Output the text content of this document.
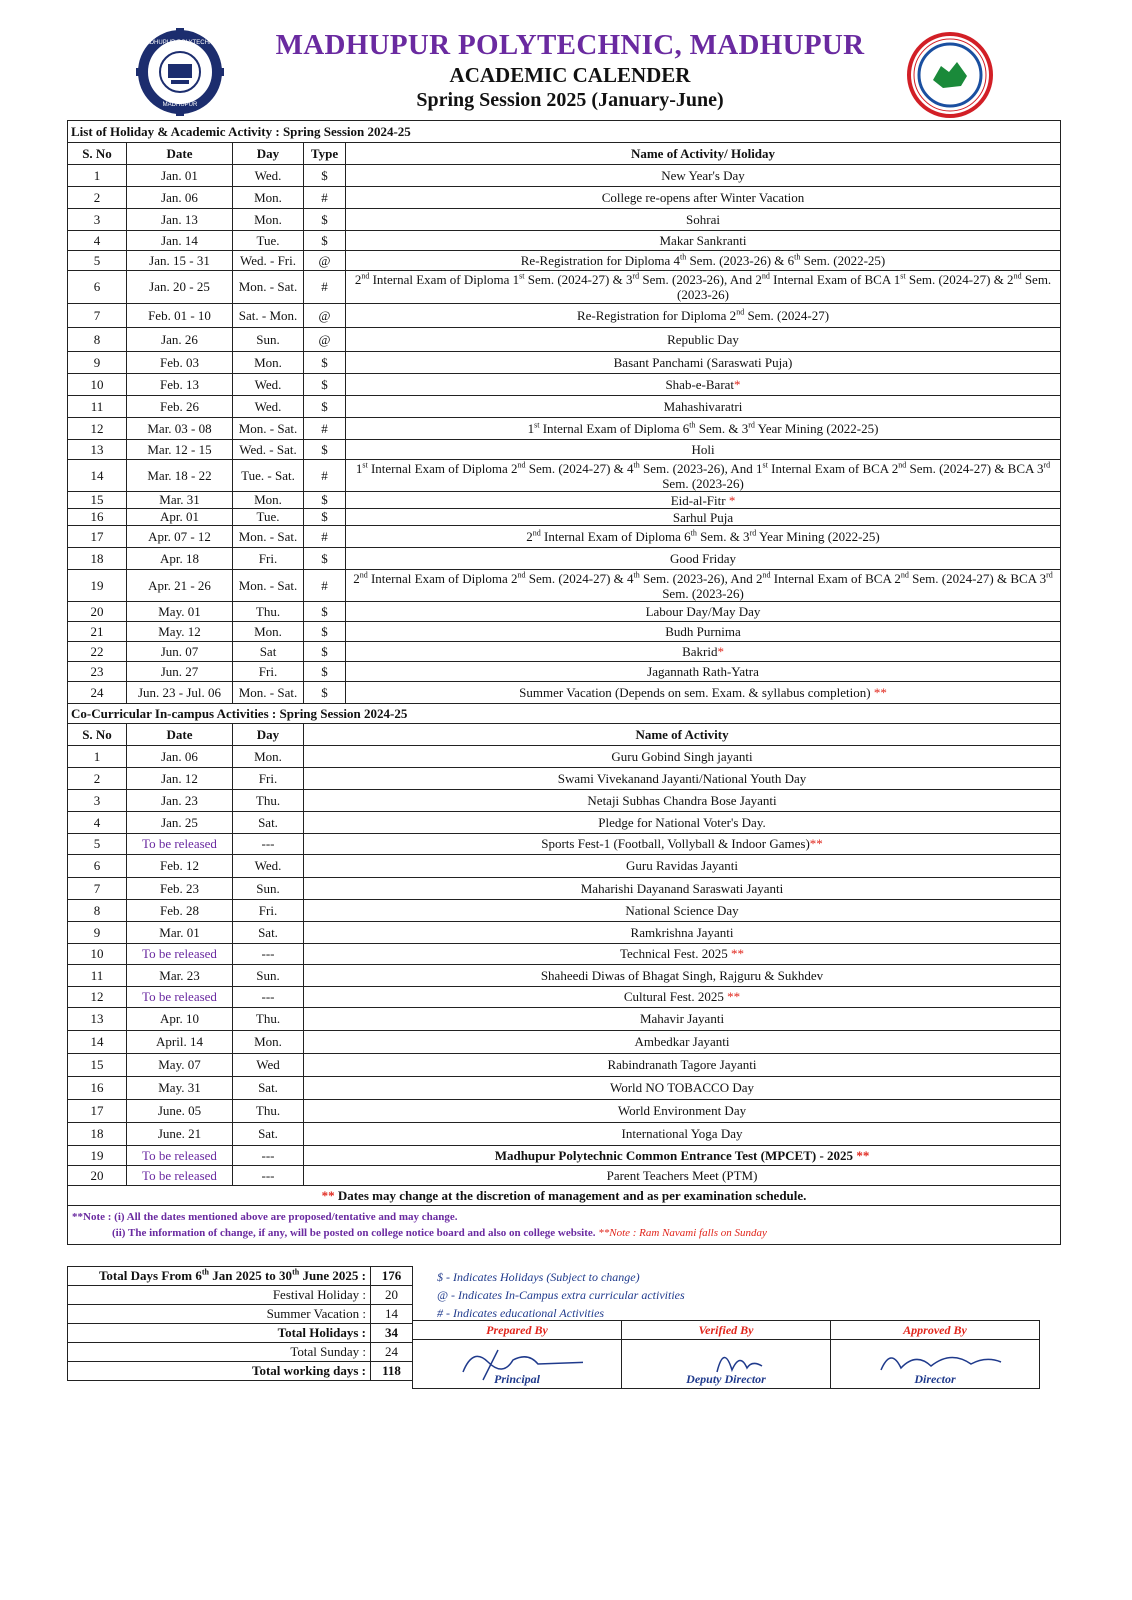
MADHUPUR POLYTECHNIC
MADHUPUR
MADHUPUR POLYTECHNIC, MADHUPUR
ACADEMIC CALENDER
Spring Session 2025 (January-June)
List of Holiday & Academic Activity : Spring Session 2024-25				
S. No	Date	Day	Type	Name of Activity/ Holiday
1	Jan. 01	Wed.	$	New Year's Day
2	Jan. 06	Mon.	#	College re-opens after Winter Vacation
3	Jan. 13	Mon.	$	Sohrai
4	Jan. 14	Tue.	$	Makar Sankranti
5	Jan. 15 - 31	Wed. - Fri.	@	Re-Registration for Diploma 4th Sem. (2023-26) & 6th Sem. (2022-25)
6	Jan. 20 - 25	Mon. - Sat.	#	2nd Internal Exam of Diploma 1st Sem. (2024-27) & 3rd Sem. (2023-26), And 2nd Internal Exam of BCA 1st Sem. (2024-27) & 2nd Sem. (2023-26)
7	Feb. 01 - 10	Sat. - Mon.	@	Re-Registration for Diploma 2nd Sem. (2024-27)
8	Jan. 26	Sun.	@	Republic Day
9	Feb. 03	Mon.	$	Basant Panchami (Saraswati Puja)
10	Feb. 13	Wed.	$	Shab-e-Barat*
11	Feb. 26	Wed.	$	Mahashivaratri
12	Mar. 03 - 08	Mon. - Sat.	#	1st Internal Exam of Diploma 6th Sem. & 3rd Year Mining (2022-25)
13	Mar. 12 - 15	Wed. - Sat.	$	Holi
14	Mar. 18 - 22	Tue. - Sat.	#	1st Internal Exam of Diploma 2nd Sem. (2024-27) & 4th Sem. (2023-26), And 1st Internal Exam of BCA 2nd Sem. (2024-27) & BCA 3rd Sem. (2023-26)
15	Mar. 31	Mon.	$	Eid-al-Fitr *
16	Apr. 01	Tue.	$	Sarhul Puja
17	Apr. 07 - 12	Mon. - Sat.	#	2nd Internal Exam of Diploma 6th Sem. & 3rd Year Mining (2022-25)
18	Apr. 18	Fri.	$	Good Friday
19	Apr. 21 - 26	Mon. - Sat.	#	2nd Internal Exam of Diploma 2nd Sem. (2024-27) & 4th Sem. (2023-26), And 2nd Internal Exam of BCA 2nd Sem. (2024-27) & BCA 3rd Sem. (2023-26)
20	May. 01	Thu.	$	Labour Day/May Day
21	May. 12	Mon.	$	Budh Purnima
22	Jun. 07	Sat	$	Bakrid*
23	Jun. 27	Fri.	$	Jagannath Rath-Yatra
24	Jun. 23 - Jul. 06	Mon. - Sat.	$	Summer Vacation (Depends on sem. Exam. & syllabus completion) **
Co-Curricular In-campus Activities : Spring Session 2024-25				
S. No	Date	Day	Name of Activity	
1	Jan. 06	Mon.	Guru Gobind Singh jayanti	
2	Jan. 12	Fri.	Swami Vivekanand Jayanti/National Youth Day	
3	Jan. 23	Thu.	Netaji Subhas Chandra Bose Jayanti	
4	Jan. 25	Sat.	Pledge for National Voter's Day.	
5	To be released	---	Sports Fest-1 (Football, Vollyball & Indoor Games)**	
6	Feb. 12	Wed.	Guru Ravidas Jayanti	
7	Feb. 23	Sun.	Maharishi Dayanand Saraswati Jayanti	
8	Feb. 28	Fri.	National Science Day	
9	Mar. 01	Sat.	Ramkrishna Jayanti	
10	To be released	---	Technical Fest. 2025 **	
11	Mar. 23	Sun.	Shaheedi Diwas of Bhagat Singh, Rajguru & Sukhdev	
12	To be released	---	Cultural Fest. 2025 **	
13	Apr. 10	Thu.	Mahavir Jayanti	
14	April. 14	Mon.	Ambedkar Jayanti	
15	May. 07	Wed	Rabindranath Tagore Jayanti	
16	May. 31	Sat.	World NO TOBACCO Day	
17	June. 05	Thu.	World Environment Day	
18	June. 21	Sat.	International Yoga Day	
19	To be released	---	Madhupur Polytechnic Common Entrance Test (MPCET) - 2025 **	
20	To be released	---	Parent Teachers Meet (PTM)	
** Dates may change at the discretion of management and as per examination schedule.				

**Note : (i) All the dates mentioned above are proposed/tentative and may change.
(ii) The information of change, if any, will be posted on college notice board and also on college website. **Note : Ram Navami falls on Sunday				
Total Days From 6th Jan 2025 to 30th June 2025 :	176
Festival Holiday :	20
Summer Vacation :	14
Total Holidays :	34
Total Sunday :	24
Total working days :	118
$ - Indicates Holidays (Subject to change)
@ - Indicates In-Campus extra curricular activities
# - Indicates educational Activities
Prepared By	Verified By	Approved By

Principal	Deputy Director	Director
